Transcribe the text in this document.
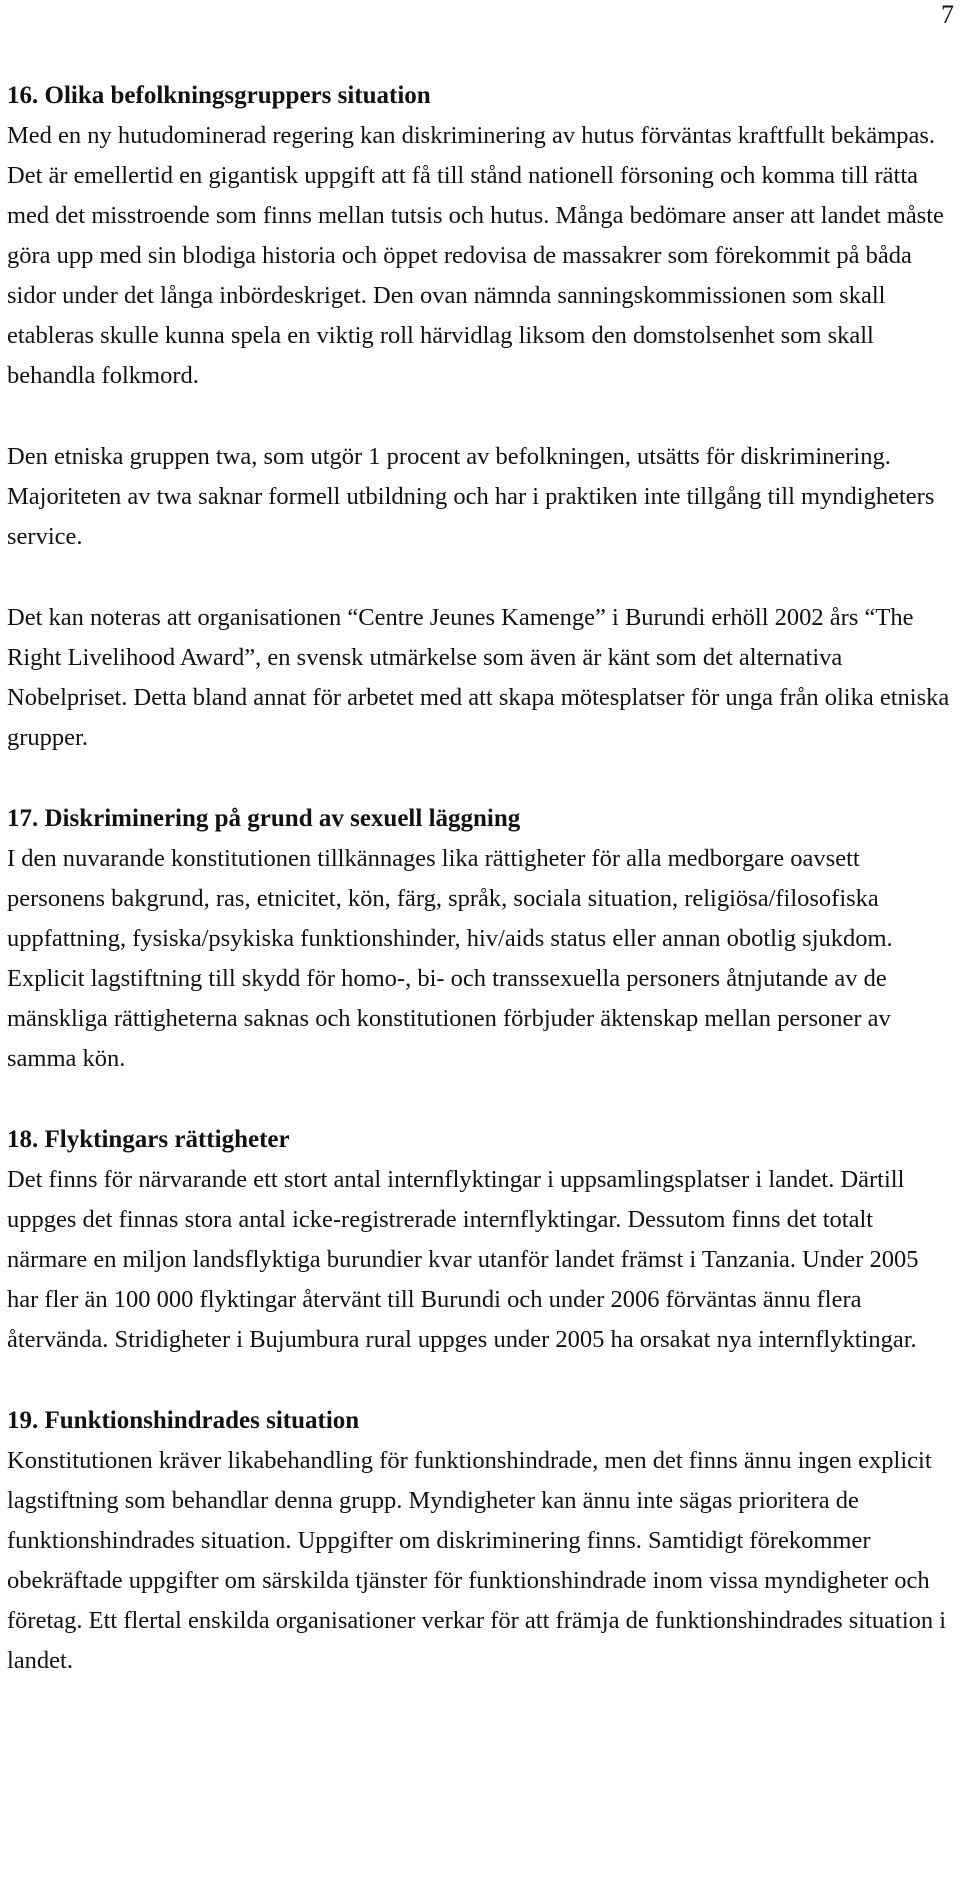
7
16. Olika befolkningsgruppers situation

Med en ny hutudominerad regering kan diskriminering av hutus förväntas kraftfullt bekämpas. Det är emellertid en gigantisk uppgift att få till stånd nationell försoning och komma till rätta med det misstroende som finns mellan tutsis och hutus. Många bedömare anser att landet måste göra upp med sin blodiga historia och öppet redovisa de massakrer som förekommit på båda sidor under det långa inbördeskriget. Den ovan nämnda sanningskommissionen som skall etableras skulle kunna spela en viktig roll härvidlag liksom den domstolsenhet som skall behandla folkmord.

Den etniska gruppen twa, som utgör 1 procent av befolkningen, utsätts för diskriminering. Majoriteten av twa saknar formell utbildning och har i praktiken inte tillgång till myndigheters service.

Det kan noteras att organisationen “Centre Jeunes Kamenge” i Burundi erhöll 2002 års “The Right Livelihood Award”, en svensk utmärkelse som även är känt som det alternativa Nobelpriset. Detta bland annat för arbetet med att skapa mötesplatser för unga från olika etniska grupper.

17. Diskriminering på grund av sexuell läggning

I den nuvarande konstitutionen tillkännages lika rättigheter för alla medborgare oavsett personens bakgrund, ras, etnicitet, kön, färg, språk, sociala situation, religiösa/filosofiska uppfattning, fysiska/psykiska funktionshinder, hiv/aids status eller annan obotlig sjukdom. Explicit lagstiftning till skydd för homo-, bi- och transsexuella personers åtnjutande av de mänskliga rättigheterna saknas och konstitutionen förbjuder äktenskap mellan personer av samma kön.

18. Flyktingars rättigheter

Det finns för närvarande ett stort antal internflyktingar i uppsamlingsplatser i landet. Därtill uppges det finnas stora antal icke-registrerade internflyktingar. Dessutom finns det totalt närmare en miljon landsflyktiga burundier kvar utanför landet främst i Tanzania. Under 2005 har fler än 100 000 flyktingar återvänt till Burundi och under 2006 förväntas ännu flera återvända. Stridigheter i Bujumbura rural uppges under 2005 ha orsakat nya internflyktingar.

19. Funktionshindrades situation

Konstitutionen kräver likabehandling för funktionshindrade, men det finns ännu ingen explicit lagstiftning som behandlar denna grupp. Myndigheter kan ännu inte sägas prioritera de funktionshindrades situation. Uppgifter om diskriminering finns. Samtidigt förekommer obekräftade uppgifter om särskilda tjänster för funktionshindrade inom vissa myndigheter och företag. Ett flertal enskilda organisationer verkar för att främja de funktionshindrades situation i landet.
